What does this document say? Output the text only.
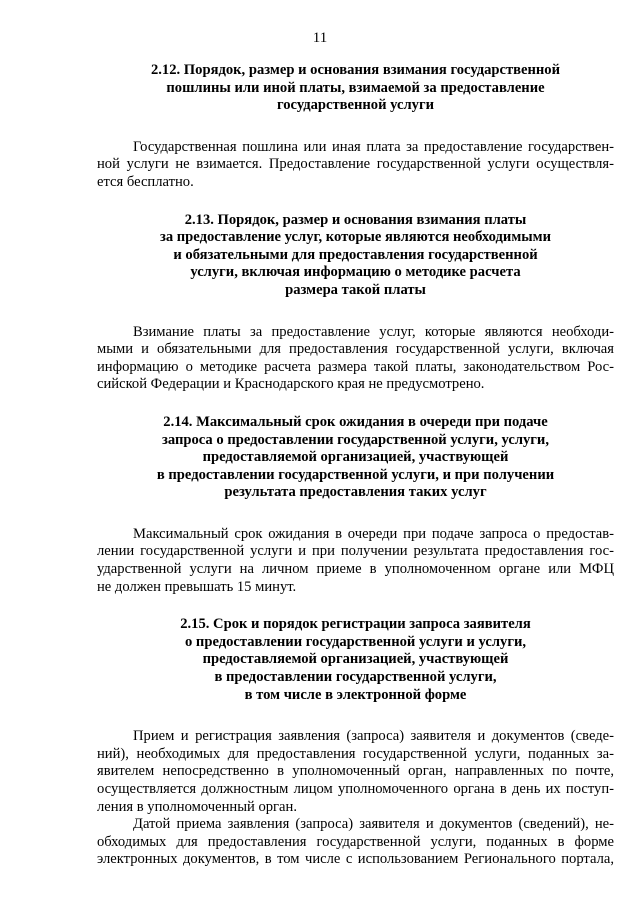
11
2.12. Порядок, размер и основания взимания государственной
пошлины или иной платы, взимаемой за предоставление
государственной услуги
Государственная пошлина или иная плата за предоставление государствен-
ной услуги не взимается. Предоставление государственной услуги осуществля-
ется бесплатно.
2.13. Порядок, размер и основания взимания платы
за предоставление услуг, которые являются необходимыми
и обязательными для предоставления государственной
услуги, включая информацию о методике расчета
размера такой платы
Взимание платы за предоставление услуг, которые являются необходи-
мыми и обязательными для предоставления государственной услуги, включая
информацию о методике расчета размера такой платы, законодательством Рос-
сийской Федерации и Краснодарского края не предусмотрено.
2.14. Максимальный срок ожидания в очереди при подаче
запроса о предоставлении государственной услуги, услуги,
предоставляемой организацией, участвующей
в предоставлении государственной услуги, и при получении
результата предоставления таких услуг
Максимальный срок ожидания в очереди при подаче запроса о предостав-
лении государственной услуги и при получении результата предоставления гос-
ударственной услуги на личном приеме в уполномоченном органе или МФЦ
не должен превышать 15 минут.
2.15. Срок и порядок регистрации запроса заявителя
о предоставлении государственной услуги и услуги,
предоставляемой организацией, участвующей
в предоставлении государственной услуги,
в том числе в электронной форме
Прием и регистрация заявления (запроса) заявителя и документов (сведе-
ний), необходимых для предоставления государственной услуги, поданных за-
явителем непосредственно в уполномоченный орган, направленных по почте,
осуществляется должностным лицом уполномоченного органа в день их поступ-
ления в уполномоченный орган.
Датой приема заявления (запроса) заявителя и документов (сведений), не-
обходимых для предоставления государственной услуги, поданных в форме
электронных документов, в том числе с использованием Регионального портала,
